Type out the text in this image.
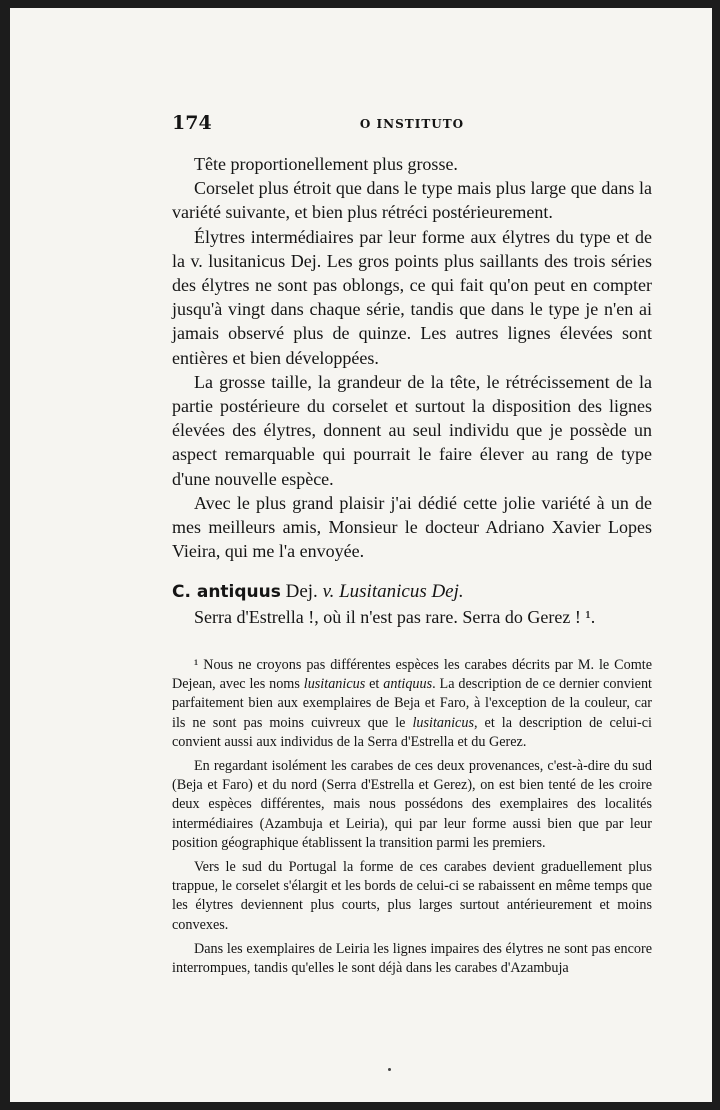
174	O INSTITUTO

Tête proportionellement plus grosse.

Corselet plus étroit que dans le type mais plus large que dans la variété suivante, et bien plus rétréci postérieurement.

Élytres intermédiaires par leur forme aux élytres du type et de la v. lusitanicus Dej. Les gros points plus saillants des trois séries des élytres ne sont pas oblongs, ce qui fait qu'on peut en compter jusqu'à vingt dans chaque série, tandis que dans le type je n'en ai jamais observé plus de quinze. Les autres lignes élevées sont entières et bien développées.

La grosse taille, la grandeur de la tête, le rétrécissement de la partie postérieure du corselet et surtout la disposition des lignes élevées des élytres, donnent au seul individu que je possède un aspect remarquable qui pourrait le faire élever au rang de type d'une nouvelle espèce.

Avec le plus grand plaisir j'ai dédié cette jolie variété à un de mes meilleurs amis, Monsieur le docteur Adriano Xavier Lopes Vieira, qui me l'a envoyée.

C. antiquus Dej. v. Lusitanicus Dej.

Serra d'Estrella !, où il n'est pas rare. Serra do Gerez ! ¹.

¹ Nous ne croyons pas différentes espèces les carabes décrits par M. le Comte Dejean, avec les noms lusitanicus et antiquus. La description de ce dernier convient parfaitement bien aux exemplaires de Beja et Faro, à l'exception de la couleur, car ils ne sont pas moins cuivreux que le lusitanicus, et la description de celui-ci convient aussi aux individus de la Serra d'Estrella et du Gerez.

En regardant isolément les carabes de ces deux provenances, c'est-à-dire du sud (Beja et Faro) et du nord (Serra d'Estrella et Gerez), on est bien tenté de les croire deux espèces différentes, mais nous possédons des exemplaires des localités intermédiaires (Azambuja et Leiria), qui par leur forme aussi bien que par leur position géographique établissent la transition parmi les premiers.

Vers le sud du Portugal la forme de ces carabes devient graduellement plus trappue, le corselet s'élargit et les bords de celui-ci se rabaissent en même temps que les élytres deviennent plus courts, plus larges surtout antérieurement et moins convexes.

Dans les exemplaires de Leiria les lignes impaires des élytres ne sont pas encore interrompues, tandis qu'elles le sont déjà dans les carabes d'Azambuja
